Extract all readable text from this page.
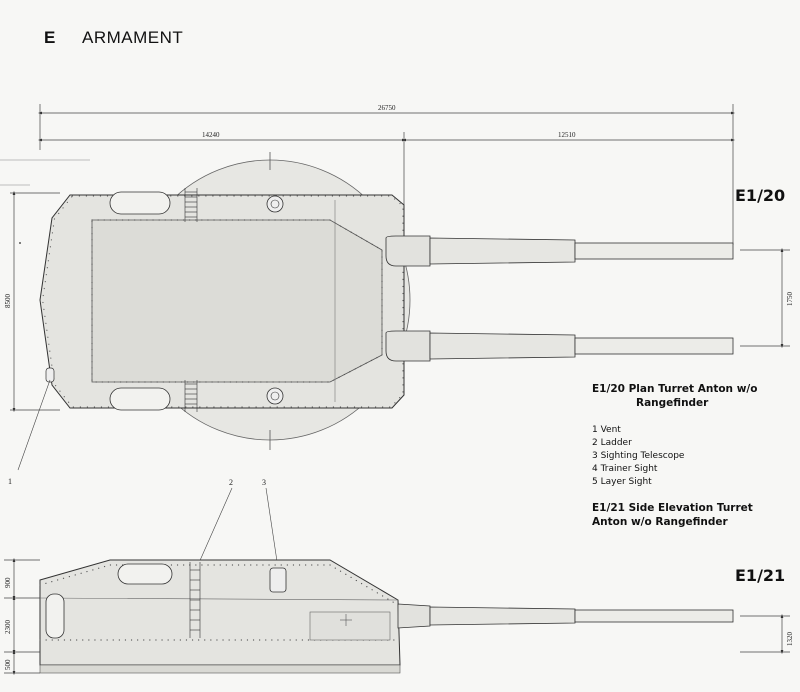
E ARMAMENT
26750
14240	12510
8500	1750
1	2	3
900
2300
500
1320
E1/20
E1/21
E1/20 Plan Turret Anton w/o
Rangefinder
1 Vent
2 Ladder
3 Sighting Telescope
4 Trainer Sight
5 Layer Sight
E1/21 Side Elevation Turret
Anton w/o Rangefinder
